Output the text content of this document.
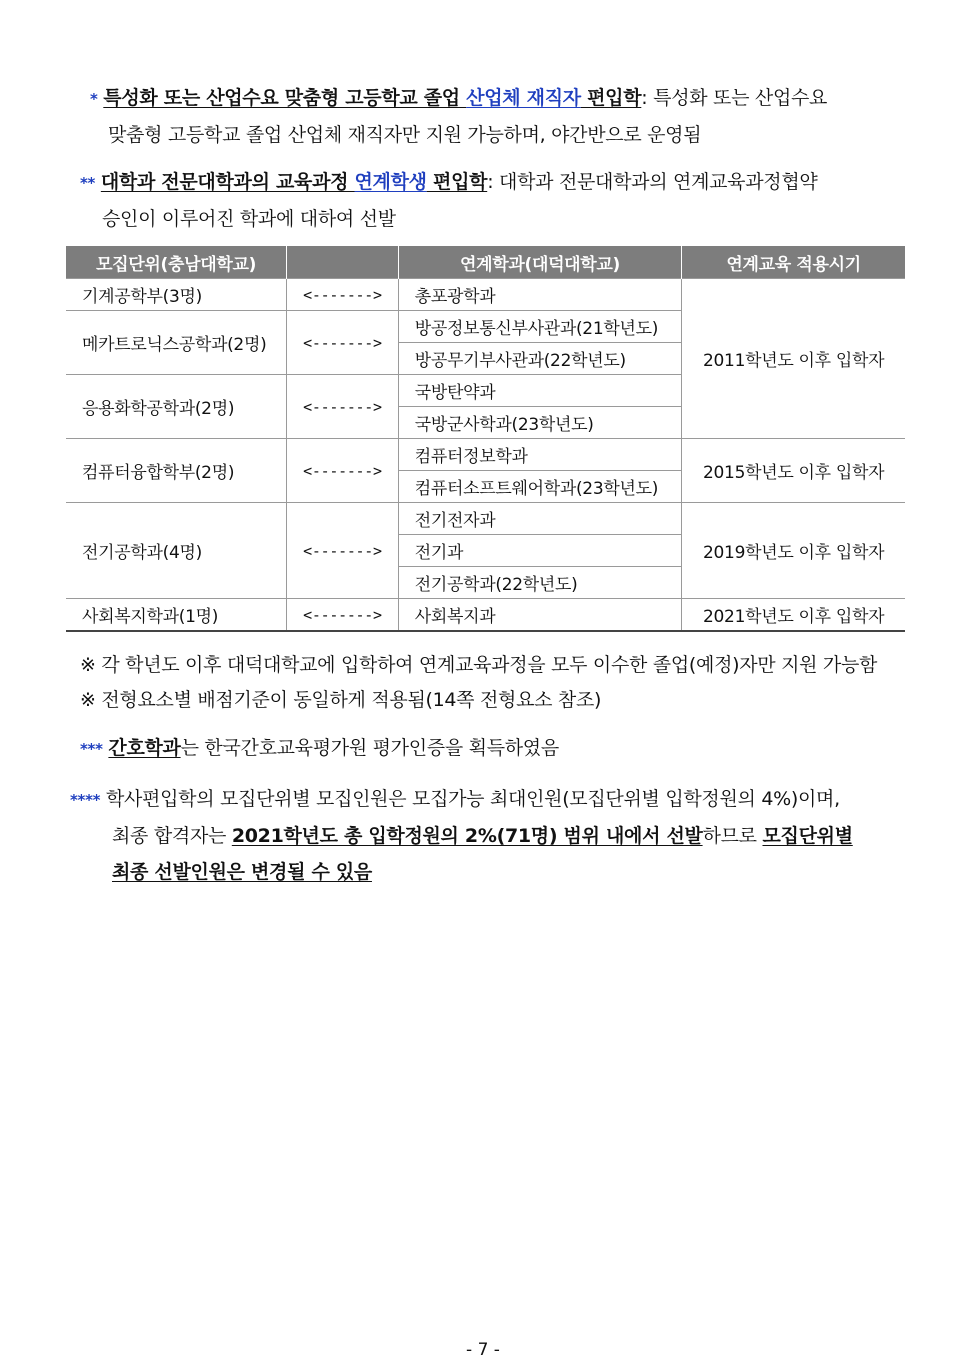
* 특성화 또는 산업수요 맞춤형 고등학교 졸업 산업체 재직자 편입학: 특성화 또는 산업수요
맞춤형 고등학교 졸업 산업체 재직자만 지원 가능하며, 야간반으로 운영됨
** 대학과 전문대학과의 교육과정 연계학생 편입학: 대학과 전문대학과의 연계교육과정협약
승인이 이루어진 학과에 대하여 선발
모집단위(충남대학교)		연계학과(대덕대학교)	연계교육 적용시기
기계공학부(3명)	<------->	총포광학과	2011학년도 이후 입학자
메카트로닉스공학과(2명)	<------->	방공정보통신부사관과(21학년도)	
		방공무기부사관과(22학년도)	
응용화학공학과(2명)	<------->	국방탄약과	
		국방군사학과(23학년도)	
컴퓨터융합학부(2명)	<------->	컴퓨터정보학과	2015학년도 이후 입학자
		컴퓨터소프트웨어학과(23학년도)	
전기공학과(4명)	<------->	전기전자과	2019학년도 이후 입학자
		전기과	
		전기공학과(22학년도)	
사회복지학과(1명)	<------->	사회복지과	2021학년도 이후 입학자
※ 각 학년도 이후 대덕대학교에 입학하여 연계교육과정을 모두 이수한 졸업(예정)자만 지원 가능함
※ 전형요소별 배점기준이 동일하게 적용됨(14쪽 전형요소 참조)
*** 간호학과는 한국간호교육평가원 평가인증을 획득하였음
**** 학사편입학의 모집단위별 모집인원은 모집가능 최대인원(모집단위별 입학정원의 4%)이며,
최종 합격자는 2021학년도 총 입학정원의 2%(71명) 범위 내에서 선발하므로 모집단위별
최종 선발인원은 변경될 수 있음
- 7 -
